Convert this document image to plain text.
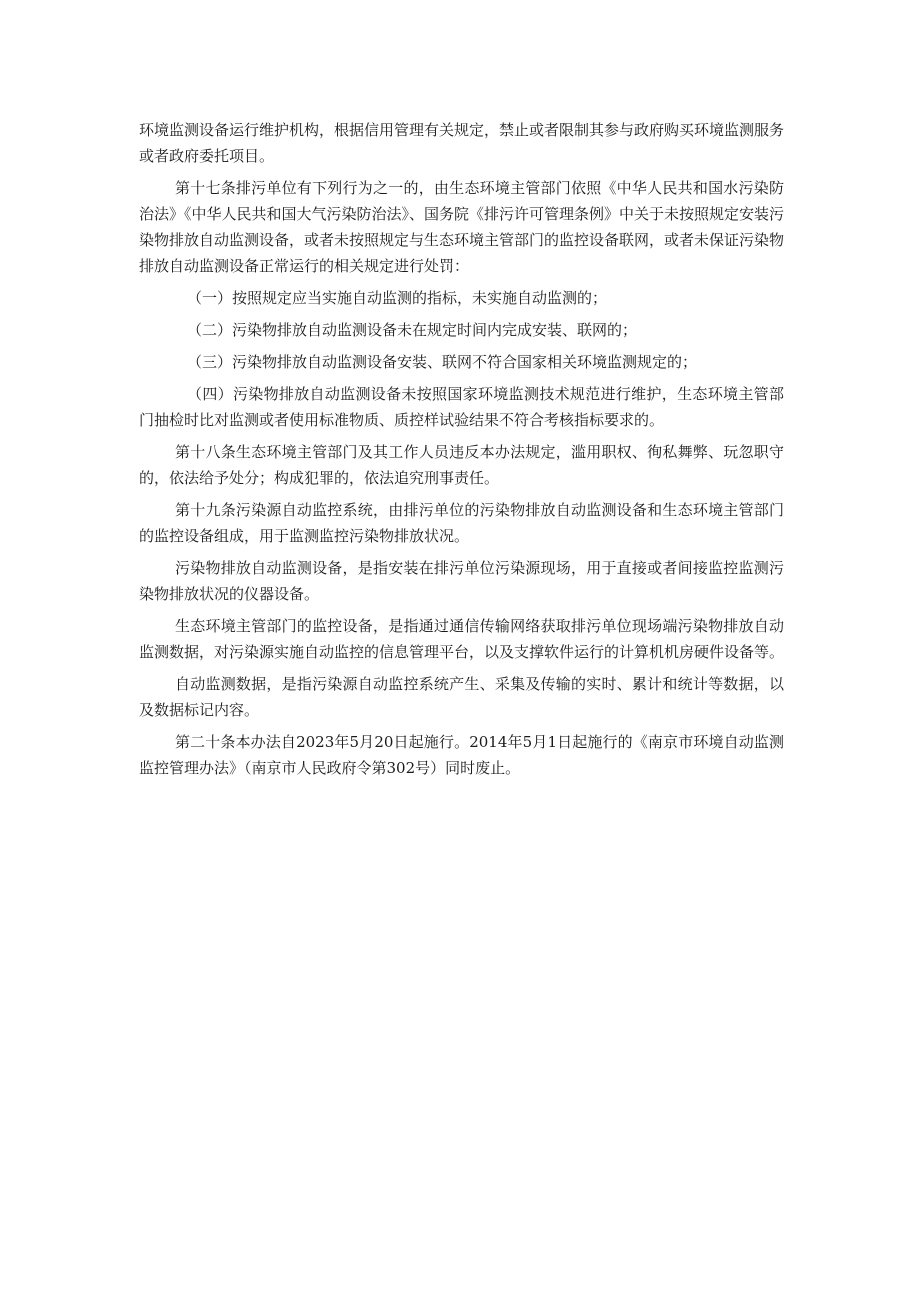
环境监测设备运行维护机构，根据信用管理有关规定，禁止或者限制其参与政府购买环境监测服务或者政府委托项目。

第十七条排污单位有下列行为之一的，由生态环境主管部门依照《中华人民共和国水污染防治法》《中华人民共和国大气污染防治法》、国务院《排污许可管理条例》中关于未按照规定安装污染物排放自动监测设备，或者未按照规定与生态环境主管部门的监控设备联网，或者未保证污染物排放自动监测设备正常运行的相关规定进行处罚：

（一）按照规定应当实施自动监测的指标，未实施自动监测的；

（二）污染物排放自动监测设备未在规定时间内完成安装、联网的；

（三）污染物排放自动监测设备安装、联网不符合国家相关环境监测规定的；

（四）污染物排放自动监测设备未按照国家环境监测技术规范进行维护，生态环境主管部门抽检时比对监测或者使用标准物质、质控样试验结果不符合考核指标要求的。

第十八条生态环境主管部门及其工作人员违反本办法规定，滥用职权、徇私舞弊、玩忽职守的，依法给予处分；构成犯罪的，依法追究刑事责任。

第十九条污染源自动监控系统，由排污单位的污染物排放自动监测设备和生态环境主管部门的监控设备组成，用于监测监控污染物排放状况。

污染物排放自动监测设备，是指安装在排污单位污染源现场，用于直接或者间接监控监测污染物排放状况的仪器设备。

生态环境主管部门的监控设备，是指通过通信传输网络获取排污单位现场端污染物排放自动监测数据，对污染源实施自动监控的信息管理平台，以及支撑软件运行的计算机机房硬件设备等。

自动监测数据，是指污染源自动监控系统产生、采集及传输的实时、累计和统计等数据，以及数据标记内容。

第二十条本办法自2023年5月20日起施行。2014年5月1日起施行的《南京市环境自动监测监控管理办法》（南京市人民政府令第302号）同时废止。
